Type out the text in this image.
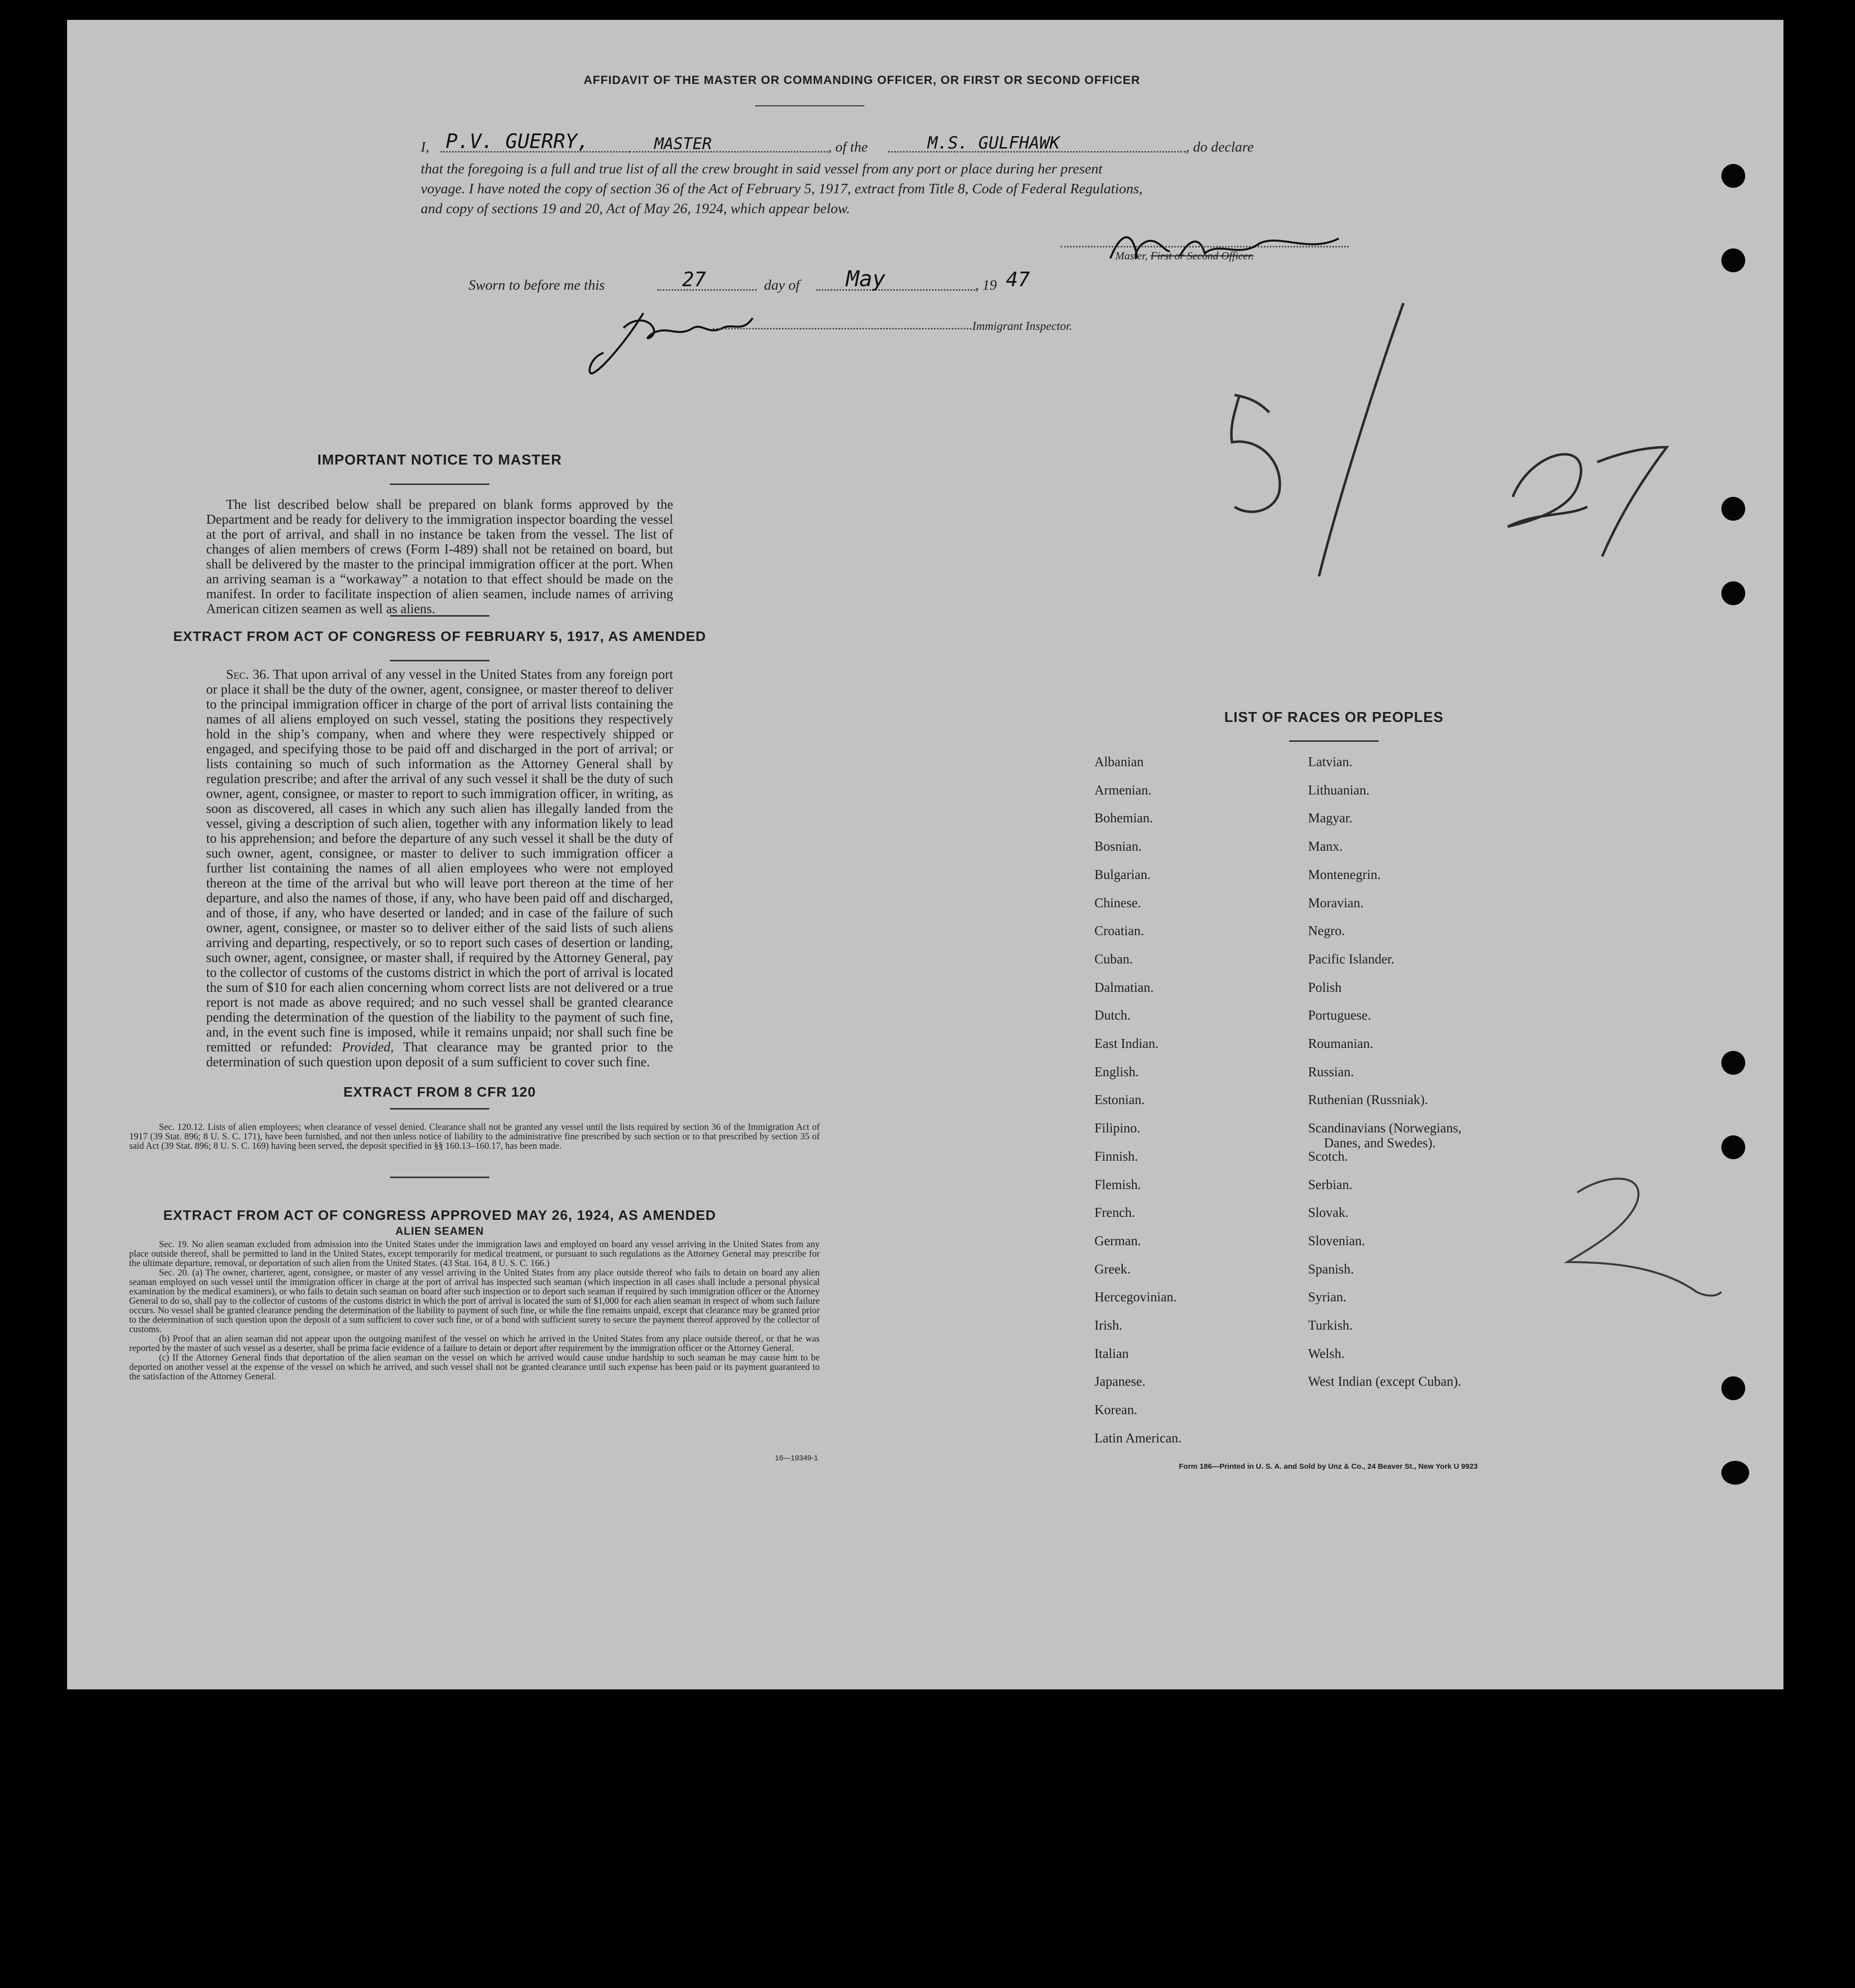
AFFIDAVIT OF THE MASTER OR COMMANDING OFFICER, OR FIRST OR SECOND OFFICER
I, P.V. GUERRY,	MASTER	, of the	M.S. GULFHAWK	, do declare
that the foregoing is a full and true list of all the crew brought in said vessel from any port or place during her present
voyage. I have noted the copy of section 36 of the Act of February 5, 1917, extract from Title 8, Code of Federal Regulations,
and copy of sections 19 and 20, Act of May 26, 1924, which appear below.
Master, First or Second Officer.
Sworn to before me this	27	day of May	, 19 47
Immigrant Inspector.
IMPORTANT NOTICE TO MASTER
The list described below shall be prepared on blank forms approved by the Department and be ready for delivery to the immigration inspector boarding the vessel at the port of arrival, and shall in no instance be taken from the vessel. The list of changes of alien members of crews (Form I-489) shall not be retained on board, but shall be delivered by the master to the principal immigration officer at the port. When an arriving seaman is a “workaway” a notation to that effect should be made on the manifest. In order to facilitate inspection of alien seamen, include names of arriving American citizen seamen as well as aliens.
EXTRACT FROM ACT OF CONGRESS OF FEBRUARY 5, 1917, AS AMENDED
Sec. 36. That upon arrival of any vessel in the United States from any foreign port or place it shall be the duty of the owner, agent, consignee, or master thereof to deliver to the principal immigration officer in charge of the port of arrival lists containing the names of all aliens employed on such vessel, stating the positions they respectively hold in the ship’s company, when and where they were respectively shipped or engaged, and specifying those to be paid off and discharged in the port of arrival; or lists containing so much of such information as the Attorney General shall by regulation prescribe; and after the arrival of any such vessel it shall be the duty of such owner, agent, consignee, or master to report to such immigration officer, in writing, as soon as discovered, all cases in which any such alien has illegally landed from the vessel, giving a description of such alien, together with any information likely to lead to his apprehension; and before the departure of any such vessel it shall be the duty of such owner, agent, consignee, or master to deliver to such immigration officer a further list containing the names of all alien employees who were not employed thereon at the time of the arrival but who will leave port thereon at the time of her departure, and also the names of those, if any, who have been paid off and discharged, and of those, if any, who have deserted or landed; and in case of the failure of such owner, agent, consignee, or master so to deliver either of the said lists of such aliens arriving and departing, respectively, or so to report such cases of desertion or landing, such owner, agent, consignee, or master shall, if required by the Attorney General, pay to the collector of customs of the customs district in which the port of arrival is located the sum of $10 for each alien concerning whom correct lists are not delivered or a true report is not made as above required; and no such vessel shall be granted clearance pending the determination of the question of the liability to the payment of such fine, and, in the event such fine is imposed, while it remains unpaid; nor shall such fine be remitted or refunded: Provided, That clearance may be granted prior to the determination of such question upon deposit of a sum sufficient to cover such fine.
EXTRACT FROM 8 CFR 120
Sec. 120.12. Lists of alien employees; when clearance of vessel denied. Clearance shall not be granted any vessel until the lists required by section 36 of the Immigration Act of 1917 (39 Stat. 896; 8 U. S. C. 171), have been furnished, and not then unless notice of liability to the administrative fine prescribed by such section or to that prescribed by section 35 of said Act (39 Stat. 896; 8 U. S. C. 169) having been served, the deposit specified in §§ 160.13–160.17, has been made.
EXTRACT FROM ACT OF CONGRESS APPROVED MAY 26, 1924, AS AMENDED
ALIEN SEAMEN
Sec. 19. No alien seaman excluded from admission into the United States under the immigration laws and employed on board any vessel arriving in the United States from any place outside thereof, shall be permitted to land in the United States, except temporarily for medical treatment, or pursuant to such regulations as the Attorney General may prescribe for the ultimate departure, removal, or deportation of such alien from the United States. (43 Stat. 164, 8 U. S. C. 166.)
Sec. 20. (a) The owner, charterer, agent, consignee, or master of any vessel arriving in the United States from any place outside thereof who fails to detain on board any alien seaman employed on such vessel until the immigration officer in charge at the port of arrival has inspected such seaman (which inspection in all cases shall include a personal physical examination by the medical examiners), or who fails to detain such seaman on board after such inspection or to deport such seaman if required by such immigration officer or the Attorney General to do so, shall pay to the collector of customs of the customs district in which the port of arrival is located the sum of $1,000 for each alien seaman in respect of whom such failure occurs. No vessel shall be granted clearance pending the determination of the liability to payment of such fine, or while the fine remains unpaid, except that clearance may be granted prior to the determination of such question upon the deposit of a sum sufficient to cover such fine, or of a bond with sufficient surety to secure the payment thereof approved by the collector of customs.
(b) Proof that an alien seaman did not appear upon the outgoing manifest of the vessel on which he arrived in the United States from any place outside thereof, or that he was reported by the master of such vessel as a deserter, shall be prima facie evidence of a failure to detain or deport after requirement by the immigration officer or the Attorney General.
(c) If the Attorney General finds that deportation of the alien seaman on the vessel on which he arrived would cause undue hardship to such seaman he may cause him to be deported on another vessel at the expense of the vessel on which he arrived, and such vessel shall not be granted clearance until such expense has been paid or its payment guaranteed to the satisfaction of the Attorney General.
16—19349-1
LIST OF RACES OR PEOPLES
Form 186—Printed in U. S. A. and Sold by Unz & Co., 24 Beaver St., New York U 9923
Albanian
Armenian.
Bohemian.
Bosnian.
Bulgarian.
Chinese.
Croatian.
Cuban.
Dalmatian.
Dutch.
East Indian.
English.
Estonian.
Filipino.
Finnish.
Flemish.
French.
German.
Greek.
Hercegovinian.
Irish.
Italian
Japanese.
Korean.
Latin American.
Latvian.
Lithuanian.
Magyar.
Manx.
Montenegrin.
Moravian.
Negro.
Pacific Islander.
Polish
Portuguese.
Roumanian.
Russian.
Ruthenian (Russniak).
Scandinavians (Norwegians,
Danes, and Swedes).
Scotch.
Serbian.
Slovak.
Slovenian.
Spanish.
Syrian.
Turkish.
Welsh.
West Indian (except Cuban).
